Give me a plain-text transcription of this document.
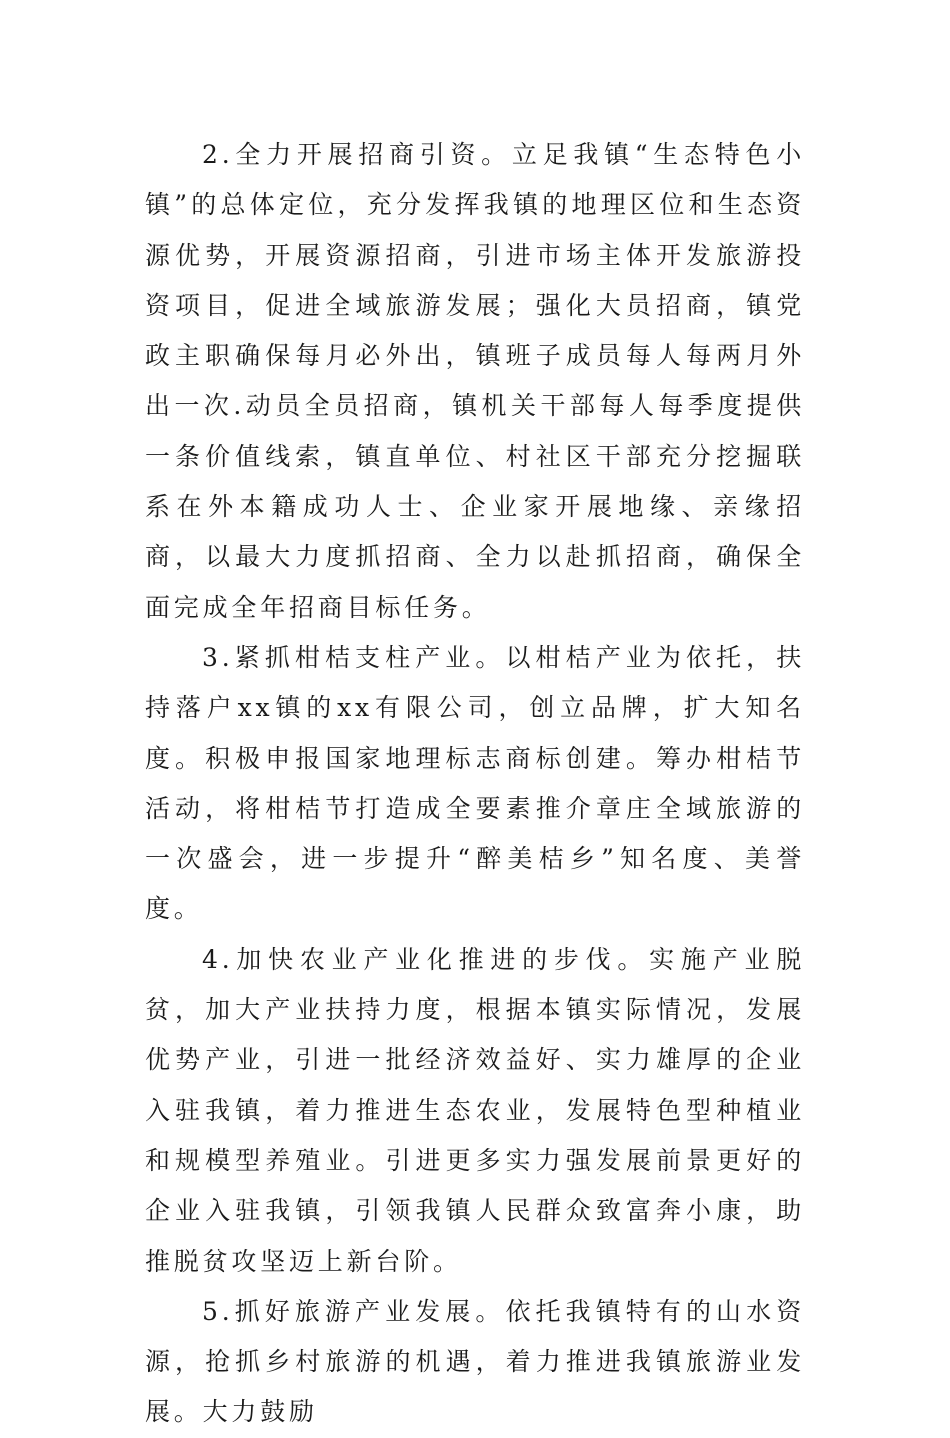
2.全力开展招商引资。立足我镇“生态特色小镇”的总体定位，充分发挥我镇的地理区位和生态资源优势，开展资源招商，引进市场主体开发旅游投资项目，促进全域旅游发展；强化大员招商，镇党政主职确保每月必外出，镇班子成员每人每两月外出一次.动员全员招商，镇机关干部每人每季度提供一条价值线索，镇直单位、村社区干部充分挖掘联系在外本籍成功人士、企业家开展地缘、亲缘招商，以最大力度抓招商、全力以赴抓招商，确保全面完成全年招商目标任务。

3.紧抓柑桔支柱产业。以柑桔产业为依托，扶持落户xx镇的xx有限公司，创立品牌，扩大知名度。积极申报国家地理标志商标创建。筹办柑桔节活动，将柑桔节打造成全要素推介章庄全域旅游的一次盛会，进一步提升“醉美桔乡”知名度、美誉度。

4.加快农业产业化推进的步伐。实施产业脱贫，加大产业扶持力度，根据本镇实际情况，发展优势产业，引进一批经济效益好、实力雄厚的企业入驻我镇，着力推进生态农业，发展特色型种植业和规模型养殖业。引进更多实力强发展前景更好的企业入驻我镇，引领我镇人民群众致富奔小康，助推脱贫攻坚迈上新台阶。

5.抓好旅游产业发展。依托我镇特有的山水资源，抢抓乡村旅游的机遇，着力推进我镇旅游业发展。大力鼓励
